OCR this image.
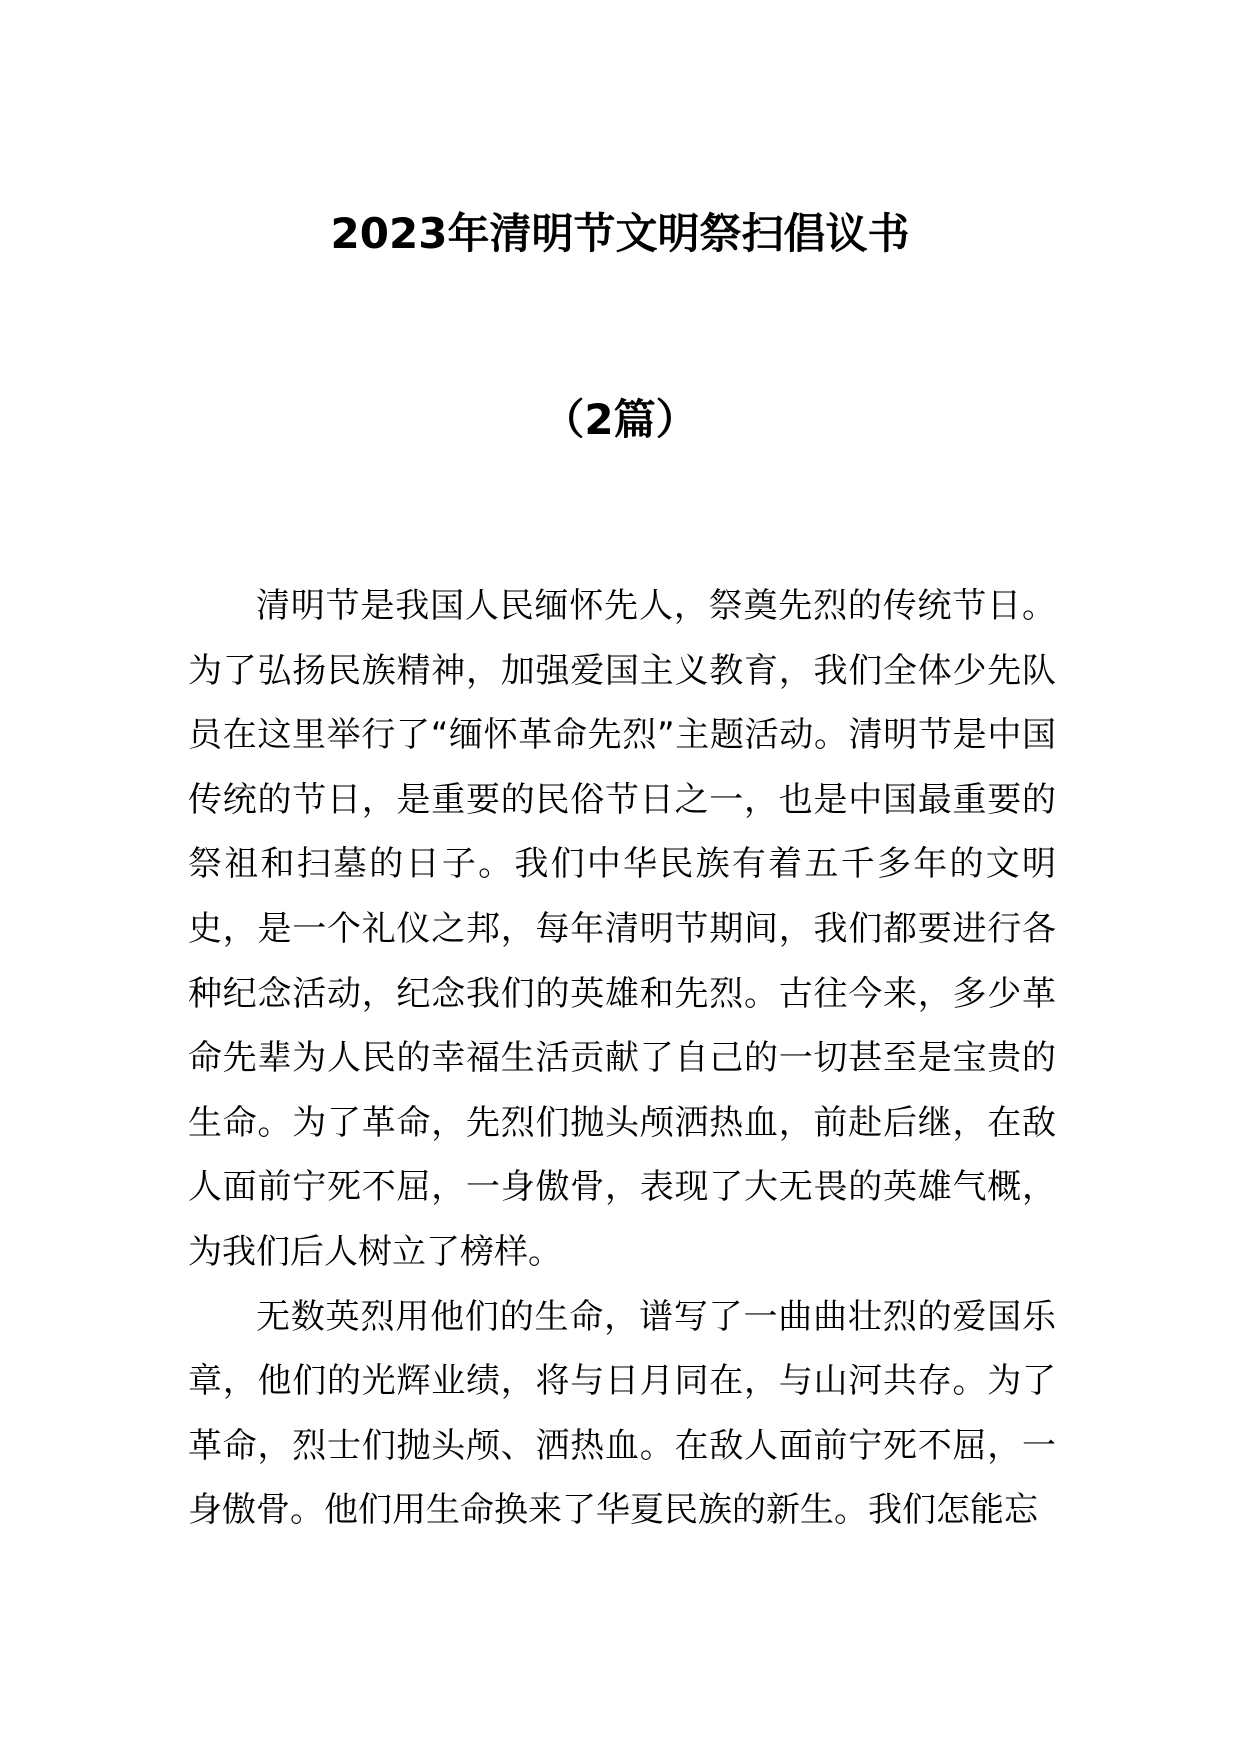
2023年清明节文明祭扫倡议书
（2篇）

清明节是我国人民缅怀先人，祭奠先烈的传统节日。为了弘扬民族精神，加强爱国主义教育，我们全体少先队员在这里举行了“缅怀革命先烈”主题活动。清明节是中国传统的节日，是重要的民俗节日之一，也是中国最重要的祭祖和扫墓的日子。我们中华民族有着五千多年的文明史，是一个礼仪之邦，每年清明节期间，我们都要进行各种纪念活动，纪念我们的英雄和先烈。古往今来，多少革命先辈为人民的幸福生活贡献了自己的一切甚至是宝贵的生命。为了革命，先烈们抛头颅洒热血，前赴后继，在敌人面前宁死不屈，一身傲骨，表现了大无畏的英雄气概，为我们后人树立了榜样。

无数英烈用他们的生命，谱写了一曲曲壮烈的爱国乐章，他们的光辉业绩，将与日月同在，与山河共存。为了革命，烈士们抛头颅、洒热血。在敌人面前宁死不屈，一身傲骨。他们用生命换来了华夏民族的新生。我们怎能忘
